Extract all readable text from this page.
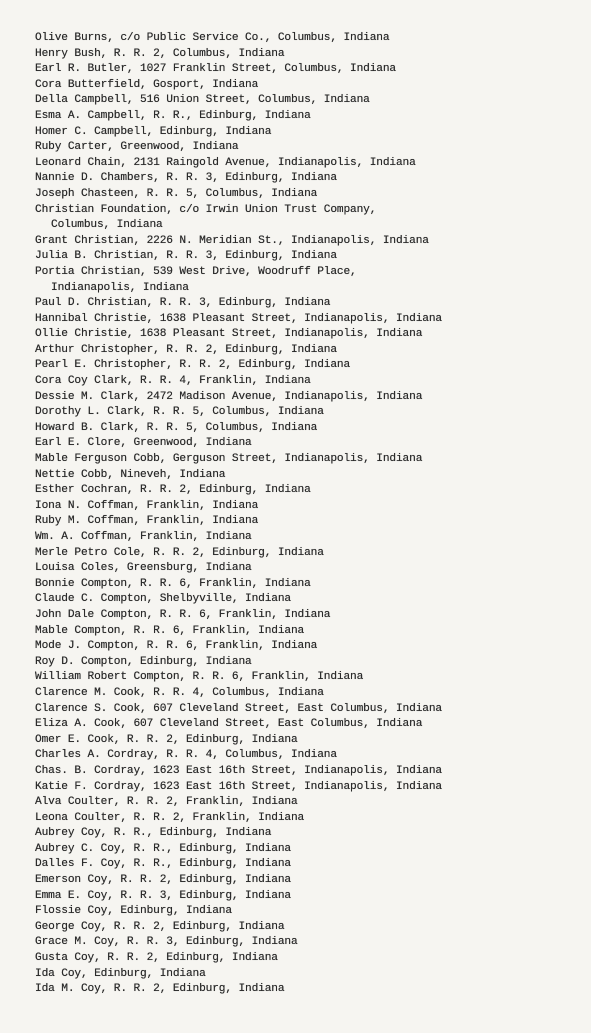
Olive Burns, c/o Public Service Co., Columbus, Indiana
Henry Bush, R. R. 2, Columbus, Indiana
Earl R. Butler, 1027 Franklin Street, Columbus, Indiana
Cora Butterfield, Gosport, Indiana
Della Campbell, 516 Union Street, Columbus, Indiana
Esma A. Campbell, R. R., Edinburg, Indiana
Homer C. Campbell, Edinburg, Indiana
Ruby Carter, Greenwood, Indiana
Leonard Chain, 2131 Raingold Avenue, Indianapolis, Indiana
Nannie D. Chambers, R. R. 3, Edinburg, Indiana
Joseph Chasteen, R. R. 5, Columbus, Indiana
Christian Foundation, c/o Irwin Union Trust Company,
Columbus, Indiana
Grant Christian, 2226 N. Meridian St., Indianapolis, Indiana
Julia B. Christian, R. R. 3, Edinburg, Indiana
Portia Christian, 539 West Drive, Woodruff Place,
Indianapolis, Indiana
Paul D. Christian, R. R. 3, Edinburg, Indiana
Hannibal Christie, 1638 Pleasant Street, Indianapolis, Indiana
Ollie Christie, 1638 Pleasant Street, Indianapolis, Indiana
Arthur Christopher, R. R. 2, Edinburg, Indiana
Pearl E. Christopher, R. R. 2, Edinburg, Indiana
Cora Coy Clark, R. R. 4, Franklin, Indiana
Dessie M. Clark, 2472 Madison Avenue, Indianapolis, Indiana
Dorothy L. Clark, R. R. 5, Columbus, Indiana
Howard B. Clark, R. R. 5, Columbus, Indiana
Earl E. Clore, Greenwood, Indiana
Mable Ferguson Cobb, Gerguson Street, Indianapolis, Indiana
Nettie Cobb, Nineveh, Indiana
Esther Cochran, R. R. 2, Edinburg, Indiana
Iona N. Coffman, Franklin, Indiana
Ruby M. Coffman, Franklin, Indiana
Wm. A. Coffman, Franklin, Indiana
Merle Petro Cole, R. R. 2, Edinburg, Indiana
Louisa Coles, Greensburg, Indiana
Bonnie Compton, R. R. 6, Franklin, Indiana
Claude C. Compton, Shelbyville, Indiana
John Dale Compton, R. R. 6, Franklin, Indiana
Mable Compton, R. R. 6, Franklin, Indiana
Mode J. Compton, R. R. 6, Franklin, Indiana
Roy D. Compton, Edinburg, Indiana
William Robert Compton, R. R. 6, Franklin, Indiana
Clarence M. Cook, R. R. 4, Columbus, Indiana
Clarence S. Cook, 607 Cleveland Street, East Columbus, Indiana
Eliza A. Cook, 607 Cleveland Street, East Columbus, Indiana
Omer E. Cook, R. R. 2, Edinburg, Indiana
Charles A. Cordray, R. R. 4, Columbus, Indiana
Chas. B. Cordray, 1623 East 16th Street, Indianapolis, Indiana
Katie F. Cordray, 1623 East 16th Street, Indianapolis, Indiana
Alva Coulter, R. R. 2, Franklin, Indiana
Leona Coulter, R. R. 2, Franklin, Indiana
Aubrey Coy, R. R., Edinburg, Indiana
Aubrey C. Coy, R. R., Edinburg, Indiana
Dalles F. Coy, R. R., Edinburg, Indiana
Emerson Coy, R. R. 2, Edinburg, Indiana
Emma E. Coy, R. R. 3, Edinburg, Indiana
Flossie Coy, Edinburg, Indiana
George Coy, R. R. 2, Edinburg, Indiana
Grace M. Coy, R. R. 3, Edinburg, Indiana
Gusta Coy, R. R. 2, Edinburg, Indiana
Ida Coy, Edinburg, Indiana
Ida M. Coy, R. R. 2, Edinburg, Indiana
